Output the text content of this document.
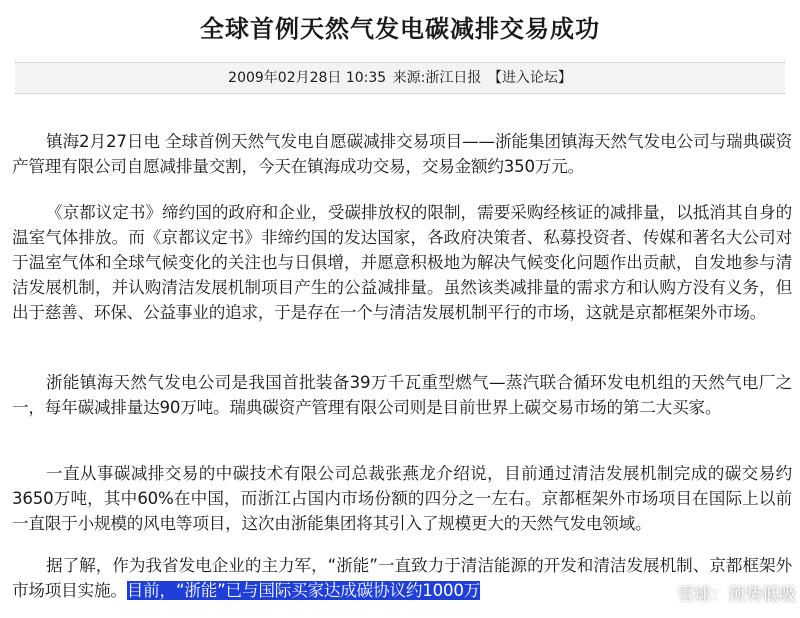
全球首例天然气发电碳减排交易成功
2009年02月28日 10:35 来源:浙江日报 【进入论坛】

镇海2月27日电 全球首例天然气发电自愿碳减排交易项目——浙能集团镇海天然气发电公司与瑞典碳资产管理有限公司自愿减排量交割，今天在镇海成功交易，交易金额约350万元。

《京都议定书》缔约国的政府和企业，受碳排放权的限制，需要采购经核证的减排量，以抵消其自身的温室气体排放。而《京都议定书》非缔约国的发达国家，各政府决策者、私募投资者、传媒和著名大公司对于温室气体和全球气候变化的关注也与日俱增，并愿意积极地为解决气候变化问题作出贡献，自发地参与清洁发展机制，并认购清洁发展机制项目产生的公益减排量。虽然该类减排量的需求方和认购方没有义务，但出于慈善、环保、公益事业的追求，于是存在一个与清洁发展机制平行的市场，这就是京都框架外市场。

浙能镇海天然气发电公司是我国首批装备39万千瓦重型燃气—蒸汽联合循环发电机组的天然气电厂之一，每年碳减排量达90万吨。瑞典碳资产管理有限公司则是目前世界上碳交易市场的第二大买家。

一直从事碳减排交易的中碳技术有限公司总裁张燕龙介绍说，目前通过清洁发展机制完成的碳交易约3650万吨，其中60%在中国，而浙江占国内市场份额的四分之一左右。京都框架外市场项目在国际上以前一直限于小规模的风电等项目，这次由浙能集团将其引入了规模更大的天然气发电领域。

据了解，作为我省发电企业的主力军，“浙能”一直致力于清洁能源的开发和清洁发展机制、京都框架外市场项目实施。目前，“浙能”已与国际买家达成碳协议约1000万	雪球：预势低吸
